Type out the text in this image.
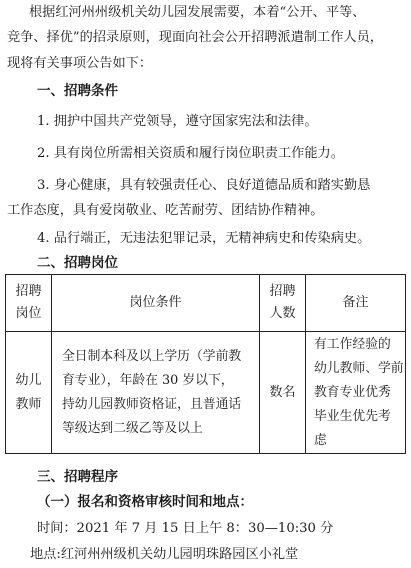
根据红河州州级机关幼儿园发展需要，本着“公开、平等、
竞争、择优”的招录原则，现面向社会公开招聘派遣制工作人员，
现将有关事项公告如下：
一、招聘条件
1. 拥护中国共产党领导，遵守国家宪法和法律。
2. 具有岗位所需相关资质和履行岗位职责工作能力。
3. 身心健康，具有较强责任心、良好道德品质和踏实勤恳
工作态度，具有爱岗敬业、吃苦耐劳、团结协作精神。
4. 品行端正，无违法犯罪记录，无精神病史和传染病史。
二、招聘岗位
招聘
岗位	岗位条件	招聘
人数	备注

幼儿
教师	全日制本科及以上学历（学前教
育专业），年龄在 30 岁以下，
持幼儿园教师资格证，且普通话
等级达到二级乙等及以上	数名	有工作经验的
幼儿教师、学前
教育专业优秀
毕业生优先考
虑
三、招聘程序
（一）报名和资格审核时间和地点：
时间：2021 年 7 月 15 日上午 8：30—10:30 分
地点:红河州州级机关幼儿园明珠路园区小礼堂
